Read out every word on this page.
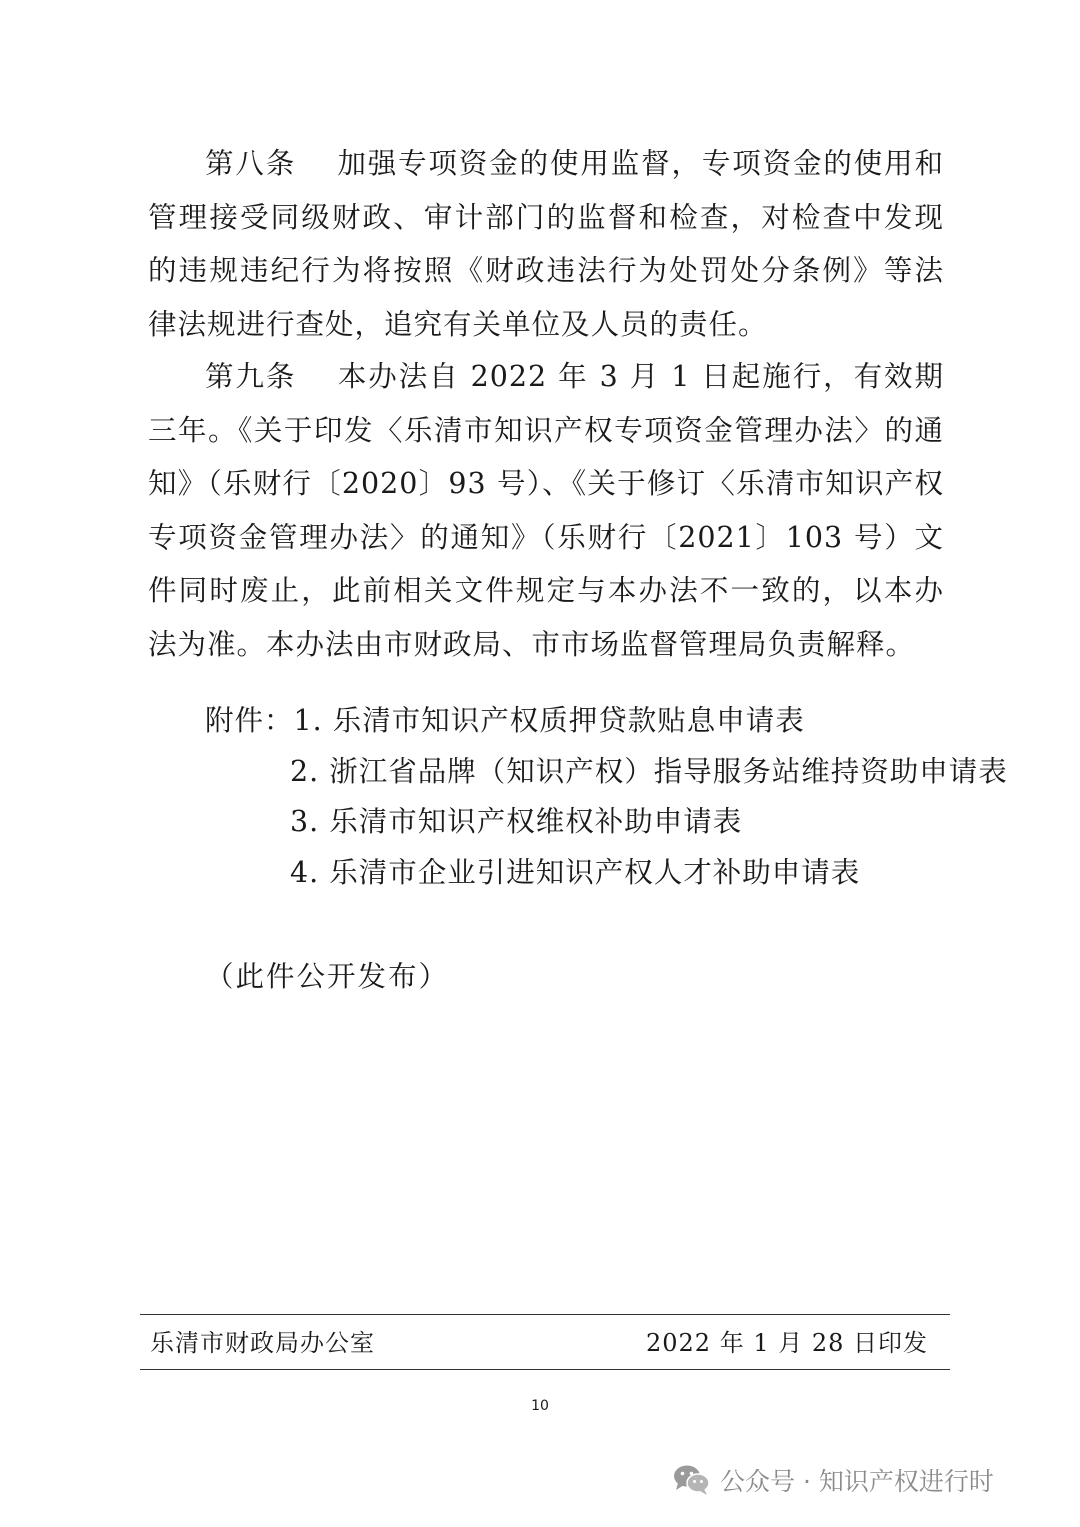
第八条　 加强专项资金的使用监督，专项资金的使用和管理接受同级财政、审计部门的监督和检查，对检查中发现的违规违纪行为将按照《财政违法行为处罚处分条例》等法律法规进行查处，追究有关单位及人员的责任。

第九条　 本办法自 2022 年 3 月 1 日起施行，有效期三年。《关于印发〈乐清市知识产权专项资金管理办法〉的通知》（乐财行〔2020〕93 号）、《关于修订〈乐清市知识产权专项资金管理办法〉的通知》（乐财行〔2021〕103 号）文件同时废止，此前相关文件规定与本办法不一致的，以本办法为准。本办法由市财政局、市市场监督管理局负责解释。

附件：1. 乐清市知识产权质押贷款贴息申请表
2. 浙江省品牌（知识产权）指导服务站维持资助申请表
3. 乐清市知识产权维权补助申请表
4. 乐清市企业引进知识产权人才补助申请表
（此件公开发布）
乐清市财政局办公室	2022 年 1 月 28 日印发
10
公众号 · 知识产权进行时
